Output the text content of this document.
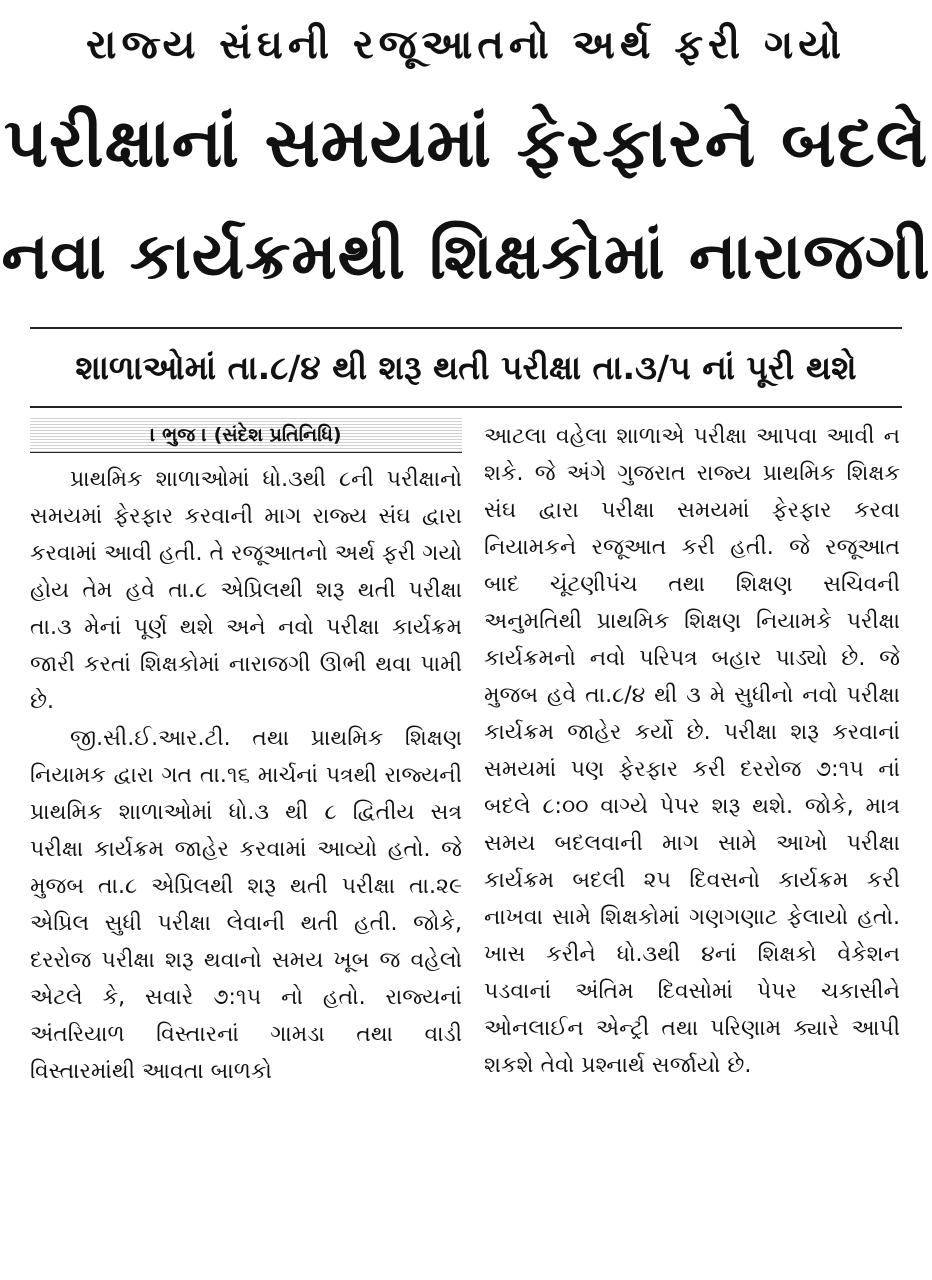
રાજ્ય સંઘની રજૂઆતનો અર્થ ફરી ગયો
પરીક્ષાનાં સમયમાં ફેરફારને બદલે
નવા કાર્યક્રમથી શિક્ષકોમાં નારાજગી
શાળાઓમાં તા.૮/૪ થી શરૂ થતી પરીક્ષા તા.૩/૫ નાં પૂરી થશે
। ભુજ । (સંદેશ પ્રતિનિધિ)

પ્રાથમિક શાળાઓમાં ધો.૩થી ૮ની પરીક્ષાનો સમયમાં ફેરફાર કરવાની માગ રાજ્ય સંઘ દ્વારા કરવામાં આવી હતી. તે રજૂઆતનો અર્થ ફરી ગયો હોય તેમ હવે તા.૮ એપ્રિલથી શરૂ થતી પરીક્ષા તા.૩ મેનાં પૂર્ણ થશે અને નવો પરીક્ષા કાર્યક્રમ જારી કરતાં શિક્ષકોમાં નારાજગી ઊભી થવા પામી છે.

જી.સી.ઈ.આર.ટી. તથા પ્રાથમિક શિક્ષણ નિયામક દ્વારા ગત તા.૧૬ માર્ચનાં પત્રથી રાજ્યની પ્રાથમિક શાળાઓમાં ધો.૩ થી ૮ દ્વિતીય સત્ર પરીક્ષા કાર્યક્રમ જાહેર કરવામાં આવ્યો હતો. જે મુજબ તા.૮ એપ્રિલથી શરૂ થતી પરીક્ષા તા.૨૯ એપ્રિલ સુધી પરીક્ષા લેવાની થતી હતી. જોકે, દરરોજ પરીક્ષા શરૂ થવાનો સમય ખૂબ જ વહેલો એટલે કે, સવારે ૭:૧૫ નો હતો. રાજ્યનાં અંતરિયાળ વિસ્તારનાં ગામડા તથા વાડી વિસ્તારમાંથી આવતા બાળકો

આટલા વહેલા શાળાએ પરીક્ષા આપવા આવી ન શકે. જે અંગે ગુજરાત રાજ્ય પ્રાથમિક શિક્ષક સંઘ દ્વારા પરીક્ષા સમયમાં ફેરફાર કરવા નિયામકને રજૂઆત કરી હતી. જે રજૂઆત બાદ ચૂંટણીપંચ તથા શિક્ષણ સચિવની અનુમતિથી પ્રાથમિક શિક્ષણ નિયામકે પરીક્ષા કાર્યક્રમનો નવો પરિપત્ર બહાર પાડ્યો છે. જે મુજબ હવે તા.૮/૪ થી ૩ મે સુધીનો નવો પરીક્ષા કાર્યક્રમ જાહેર કર્યો છે. પરીક્ષા શરૂ કરવાનાં સમયમાં પણ ફેરફાર કરી દરરોજ ૭:૧૫ નાં બદલે ૮:૦૦ વાગ્યે પેપર શરૂ થશે. જોકે, માત્ર સમય બદલવાની માગ સામે આખો પરીક્ષા કાર્યક્રમ બદલી ૨૫ દિવસનો કાર્યક્રમ કરી નાખવા સામે શિક્ષકોમાં ગણગણાટ ફેલાયો હતો. ખાસ કરીને ધો.૩થી ૪નાં શિક્ષકો વેકેશન પડવાનાં અંતિમ દિવસોમાં પેપર ચકાસીને ઓનલાઈન એન્ટ્રી તથા પરિણામ ક્યારે આપી શકશે તેવો પ્રશ્નાર્થ સર્જાયો છે.
